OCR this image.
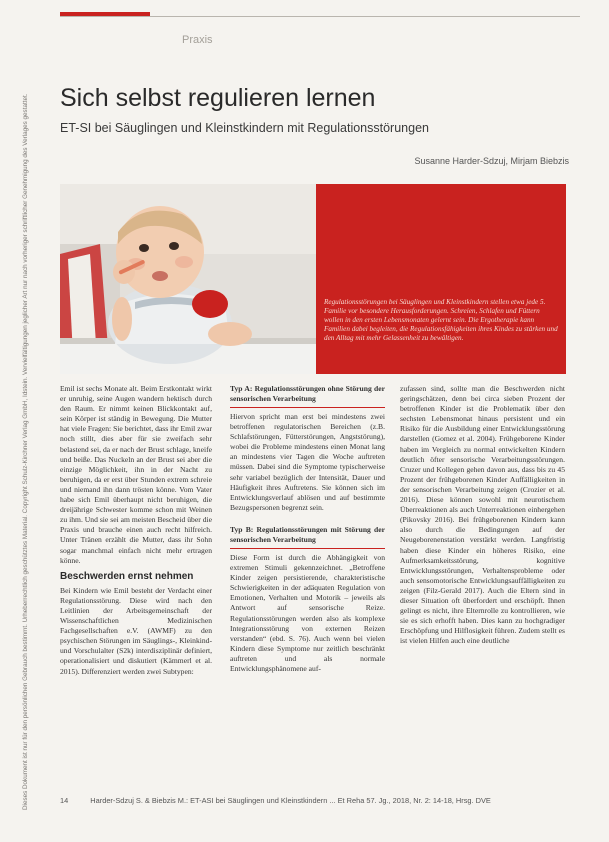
Praxis
Dieses Dokument ist nur für den persönlichen Gebrauch bestimmt. Urheberrechtlich geschütztes Material. Copyright Schulz-Kirchner Verlag GmbH, Idstein. Vervielfältigungen jeglicher Art nur nach vorheriger schriftlicher Genehmigung des Verlages gestattet. Sich selbst regulieren lernen
ET-SI bei Säuglingen und Kleinstkindern mit Regulationsstörungen
Susanne Harder-Sdzuj, Mirjam Biebzis
Regulationsstörungen bei Säuglingen und Kleinstkindern stellen etwa jede 5. Familie vor besondere Herausforderungen. Schreien, Schlafen und Füttern wollen in den ersten Lebensmonaten gelernt sein. Die Ergotherapie kann Familien dabei begleiten, die Regulationsfähigkeiten ihres Kindes zu stärken und den Alltag mit mehr Gelassenheit zu bewältigen.

Emil ist sechs Monate alt. Beim Erstkontakt wirkt er unruhig, seine Augen wandern hektisch durch den Raum. Er nimmt keinen Blickkontakt auf, sein Körper ist ständig in Bewegung. Die Mutter hat viele Fragen: Sie berichtet, dass ihr Emil zwar noch stillt, dies aber für sie zweifach sehr belastend sei, da er nach der Brust schlage, kneife und beiße. Das Nuckeln an der Brust sei aber die einzige Möglichkeit, ihn in der Nacht zu beruhigen, da er erst über Stunden extrem schreie und niemand ihn dann trösten könne. Vom Vater habe sich Emil überhaupt nicht beruhigen, die dreijährige Schwester komme schon mit Weinen zu ihm. Und sie sei am meisten Bescheid über die Praxis und brauche einen auch recht hilfreich. Unter Tränen erzählt die Mutter, dass ihr Sohn sogar manchmal einfach nicht mehr ertragen könne.

Beschwerden ernst nehmen

Bei Kindern wie Emil besteht der Verdacht einer Regulationsstörung. Diese wird nach den Leitlinien der Arbeitsgemeinschaft der Wissenschaftlichen Medizinischen Fachgesellschaften e.V. (AWMF) zu den psychischen Störungen im Säuglings-, Kleinkind- und Vorschulalter (S2k) interdisziplinär definiert, operationalisiert und diskutiert (Kämmerl et al. 2015). Differenziert werden zwei Subtypen:

Typ A: Regulationsstörungen ohne Störung der sensorischen Verarbeitung

Hiervon spricht man erst bei mindestens zwei betroffenen regulatorischen Bereichen (z.B. Schlafstörungen, Fütterstörungen, Angststörung), wobei die Probleme mindestens einen Monat lang an mindestens vier Tagen die Woche auftreten müssen. Dabei sind die Symptome typischerweise sehr variabel bezüglich der Intensität, Dauer und Häufigkeit ihres Auftretens. Sie können sich im Entwicklungsverlauf ablösen und auf bestimmte Bezugspersonen begrenzt sein.

Typ B: Regulationsstörungen mit Störung der sensorischen Verarbeitung

Diese Form ist durch die Abhängigkeit von extremen Stimuli gekennzeichnet. „Betroffene Kinder zeigen persistierende, charakteristische Schwierigkeiten in der adäquaten Regulation von Emotionen, Verhalten und Motorik – jeweils als Antwort auf sensorische Reize. Regulationsstörungen werden also als komplexe Integrationsstörung von externen Reizen verstanden“ (ebd. S. 76). Auch wenn bei vielen Kindern diese Symptome nur zeitlich beschränkt auftreten und als normale Entwicklungsphänomene auf-

zufassen sind, sollte man die Beschwerden nicht geringschätzen, denn bei circa sieben Prozent der betroffenen Kinder ist die Problematik über den sechsten Lebensmonat hinaus persistent und ein Risiko für die Ausbildung einer Entwicklungsstörung darstellen (Gomez et al. 2004). Frühgeborene Kinder haben im Vergleich zu normal entwickelten Kindern deutlich öfter sensorische Verarbeitungsstörungen. Cruzer und Kollegen gehen davon aus, dass bis zu 45 Prozent der frühgeborenen Kinder Auffälligkeiten in der sensorischen Verarbeitung zeigen (Crozier et al. 2016). Diese können sowohl mit neurotischem Überreaktionen als auch Unterreaktionen einhergehen (Pikovsky 2016). Bei frühgeborenen Kindern kann also durch die Bedingungen auf der Neugeborenenstation verstärkt werden. Langfristig haben diese Kinder ein höheres Risiko, eine Aufmerksamkeitsstörung, kognitive Entwicklungsstörungen, Verhaltensprobleme oder auch sensomotorische Entwicklungsauffälligkeiten zu zeigen (Filz-Gerald 2017). Auch die Eltern sind in dieser Situation oft überfordert und erschöpft. Ihnen gelingt es nicht, ihre Elternrolle zu kontrollieren, wie sie es sich erhofft haben. Dies kann zu hochgradiger Erschöpfung und Hilflosigkeit führen. Zudem stellt es ist vielen Hilfen auch eine deutliche

14	Harder-Sdzuj S. & Biebzis M.: ET-ASI bei Säuglingen und Kleinstkindern ... Et Reha 57. Jg., 2018, Nr. 2: 14-18, Hrsg. DVE
